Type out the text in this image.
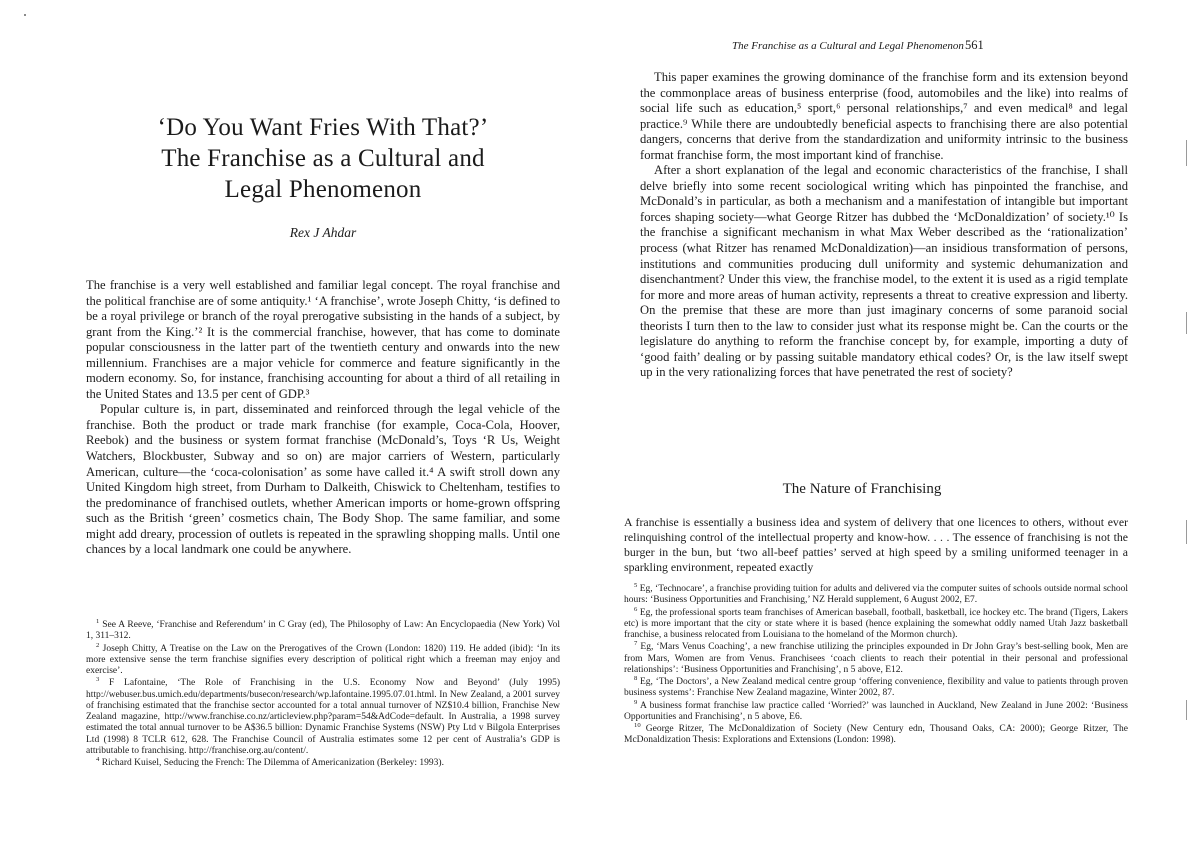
‘Do You Want Fries With That?’
The Franchise as a Cultural and
Legal Phenomenon
Rex J Ahdar

The franchise is a very well established and familiar legal concept. The royal franchise and the political franchise are of some antiquity.¹ ‘A franchise’, wrote Joseph Chitty, ‘is defined to be a royal privilege or branch of the royal prerogative subsisting in the hands of a subject, by grant from the King.’² It is the commercial franchise, however, that has come to dominate popular consciousness in the latter part of the twentieth century and onwards into the new millennium. Franchises are a major vehicle for commerce and feature significantly in the modern economy. So, for instance, franchising accounting for about a third of all retailing in the United States and 13.5 per cent of GDP.³

Popular culture is, in part, disseminated and reinforced through the legal vehicle of the franchise. Both the product or trade mark franchise (for example, Coca-Cola, Hoover, Reebok) and the business or system format franchise (McDonald’s, Toys ‘R Us, Weight Watchers, Blockbuster, Subway and so on) are major carriers of Western, particularly American, culture—the ‘coca-colonisation’ as some have called it.⁴ A swift stroll down any United Kingdom high street, from Durham to Dalkeith, Chiswick to Cheltenham, testifies to the predominance of franchised outlets, whether American imports or home-grown offspring such as the British ‘green’ cosmetics chain, The Body Shop. The same familiar, and some might add dreary, procession of outlets is repeated in the sprawling shopping malls. Until one chances by a local landmark one could be anywhere.

$^1$ See A Reeve, ‘Franchise and Referendum’ in C Gray (ed), The Philosophy of Law: An Encyclopaedia (New York) Vol 1, 311–312.

$^2$ Joseph Chitty, A Treatise on the Law on the Prerogatives of the Crown (London: 1820) 119. He added (ibid): ‘In its more extensive sense the term franchise signifies every description of political right which a freeman may enjoy and exercise’.

$^3$ F Lafontaine, ‘The Role of Franchising in the U.S. Economy Now and Beyond’ (July 1995) http://webuser.bus.umich.edu/departments/busecon/research/wp.lafontaine.1995.07.01.html. In New Zealand, a 2001 survey of franchising estimated that the franchise sector accounted for a total annual turnover of NZ$10.4 billion, Franchise New Zealand magazine, http://www.franchise.co.nz/articleview.php?param=54&AdCode=default. In Australia, a 1998 survey estimated the total annual turnover to be A$36.5 billion: Dynamic Franchise Systems (NSW) Pty Ltd v Bilgola Enterprises Ltd (1998) 8 TCLR 612, 628. The Franchise Council of Australia estimates some 12 per cent of Australia’s GDP is attributable to franchising. http://franchise.org.au/content/.

$^4$ Richard Kuisel, Seducing the French: The Dilemma of Americanization (Berkeley: 1993).

The Franchise as a Cultural and Legal Phenomenon 561

This paper examines the growing dominance of the franchise form and its extension beyond the commonplace areas of business enterprise (food, automobiles and the like) into realms of social life such as education,⁵ sport,⁶ personal relationships,⁷ and even medical⁸ and legal practice.⁹ While there are undoubtedly beneficial aspects to franchising there are also potential dangers, concerns that derive from the standardization and uniformity intrinsic to the business format franchise form, the most important kind of franchise.

After a short explanation of the legal and economic characteristics of the franchise, I shall delve briefly into some recent sociological writing which has pinpointed the franchise, and McDonald’s in particular, as both a mechanism and a manifestation of intangible but important forces shaping society—what George Ritzer has dubbed the ‘McDonaldization’ of society.¹⁰ Is the franchise a significant mechanism in what Max Weber described as the ‘rationalization’ process (what Ritzer has renamed McDonaldization)—an insidious transformation of persons, institutions and communities producing dull uniformity and systemic dehumanization and disenchantment? Under this view, the franchise model, to the extent it is used as a rigid template for more and more areas of human activity, represents a threat to creative expression and liberty. On the premise that these are more than just imaginary concerns of some paranoid social theorists I turn then to the law to consider just what its response might be. Can the courts or the legislature do anything to reform the franchise concept by, for example, importing a duty of ‘good faith’ dealing or by passing suitable mandatory ethical codes? Or, is the law itself swept up in the very rationalizing forces that have penetrated the rest of society?

The Nature of Franchising

A franchise is essentially a business idea and system of delivery that one licences to others, without ever relinquishing control of the intellectual property and know-how. . . . The essence of franchising is not the burger in the bun, but ‘two all-beef patties’ served at high speed by a smiling uniformed teenager in a sparkling environment, repeated exactly

$^5$ Eg, ‘Technocare’, a franchise providing tuition for adults and delivered via the computer suites of schools outside normal school hours: ‘Business Opportunities and Franchising,’ NZ Herald supplement, 6 August 2002, E7.

$^6$ Eg, the professional sports team franchises of American baseball, football, basketball, ice hockey etc. The brand (Tigers, Lakers etc) is more important that the city or state where it is based (hence explaining the somewhat oddly named Utah Jazz basketball franchise, a business relocated from Louisiana to the homeland of the Mormon church).

$^7$ Eg, ‘Mars Venus Coaching’, a new franchise utilizing the principles expounded in Dr John Gray’s best-selling book, Men are from Mars, Women are from Venus. Franchisees ‘coach clients to reach their potential in their personal and professional relationships’: ‘Business Opportunities and Franchising’, n 5 above, E12.

$^8$ Eg, ‘The Doctors’, a New Zealand medical centre group ‘offering convenience, flexibility and value to patients through proven business systems’: Franchise New Zealand magazine, Winter 2002, 87.

$^9$ A business format franchise law practice called ‘Worried?’ was launched in Auckland, New Zealand in June 2002: ‘Business Opportunities and Franchising’, n 5 above, E6.

$^{10}$ George Ritzer, The McDonaldization of Society (New Century edn, Thousand Oaks, CA: 2000); George Ritzer, The McDonaldization Thesis: Explorations and Extensions (London: 1998).
